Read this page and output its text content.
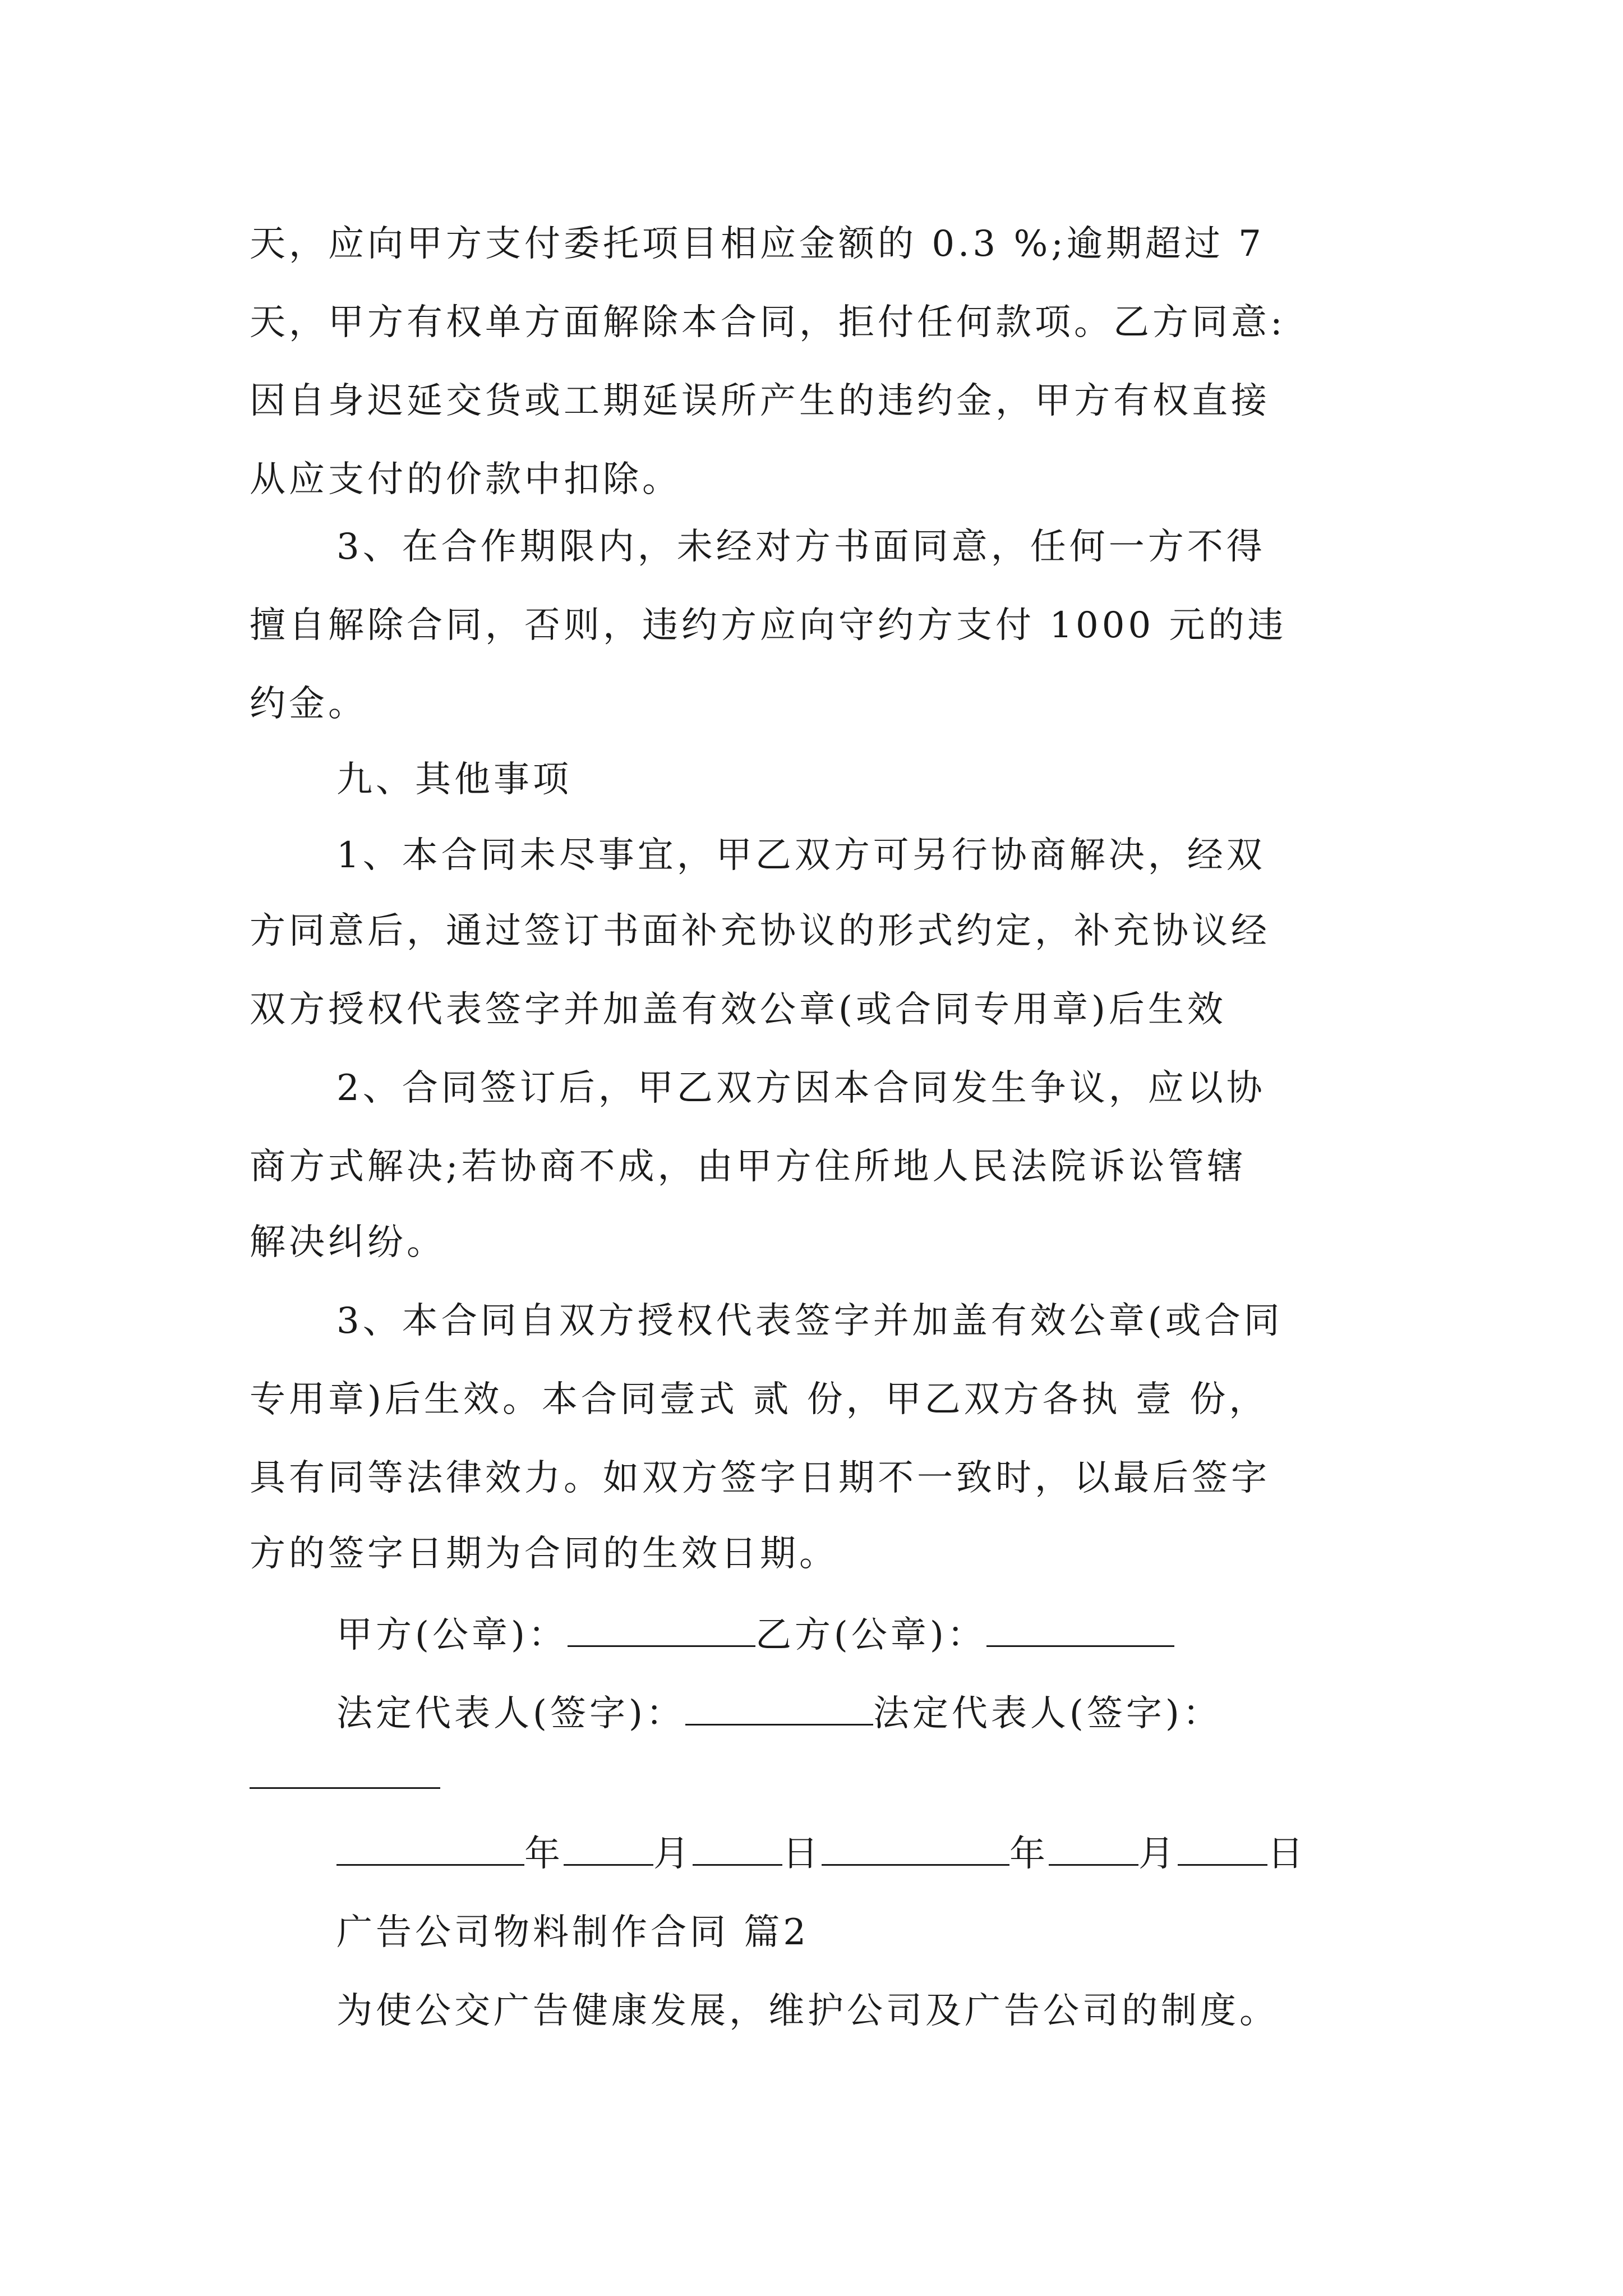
天，应向甲方支付委托项目相应金额的 0.3 %;逾期超过 7
天，甲方有权单方面解除本合同，拒付任何款项。乙方同意:
因自身迟延交货或工期延误所产生的违约金，甲方有权直接
从应支付的价款中扣除。
3、在合作期限内，未经对方书面同意，任何一方不得
擅自解除合同，否则，违约方应向守约方支付 1000 元的违
约金。
九、其他事项
1、本合同未尽事宜，甲乙双方可另行协商解决，经双
方同意后，通过签订书面补充协议的形式约定，补充协议经
双方授权代表签字并加盖有效公章(或合同专用章)后生效
2、合同签订后，甲乙双方因本合同发生争议，应以协
商方式解决;若协商不成，由甲方住所地人民法院诉讼管辖
解决纠纷。
3、本合同自双方授权代表签字并加盖有效公章(或合同
专用章)后生效。本合同壹式 贰 份，甲乙双方各执 壹 份，
具有同等法律效力。如双方签字日期不一致时，以最后签字
方的签字日期为合同的生效日期。
甲方(公章)：	乙方(公章)：
法定代表人(签字)：	法定代表人(签字)：
年	月	日	年	月	日
广告公司物料制作合同 篇2
为使公交广告健康发展，维护公司及广告公司的制度。
